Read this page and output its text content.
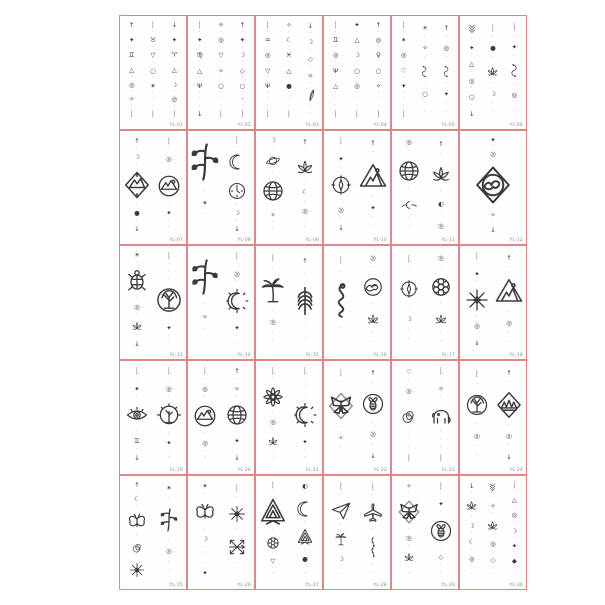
↑
·
✦
·
♊
·
△
·
◎
·
✧
·
┊
┊
·
♉
·
▽
·
○
·
✶
·
◦
·
┊
↓
·
✦
·
♈
·
△
·
☽
·
◎
·
┊
YL-01
┊
·
✦
·
♍
·
△
·
Ψ
·
◦
·
↓
☼
·
◎
·
▽
·
✧
·
○
·
◦
·
┊
↑
·
✦
·
☽
·
◇
·
○
·
•
·
┊
YL-02
┊
·
♒
·
◎
·
▽
·
Ψ
·
◦
·
┊
✧
·
☾
·
♓
·
△
·
●
·
◦
·
┊
↓
·
☽
·
◇
·
☼
·
·
◦
YL-03
┊
·
♊
·
◎
·
Ψ
·
△
·
◦
·
┊
✦
·
△
·
☽
·
○
·
◎
·
◦
·
┊
↑
·
◎
·
♀
·
○
·
✧
·
◦
·
┊
YL-04
┊
·
✶
·
◎
·
♡
·
✦
·
◦
·
┊
☀
·
✧
·
·
○
·
◦
↑
·
◎
·
·
✦
·
◦
YL-05
·
✦
·
△
·
◎
·
○
·
↓
┊
·
●
·
·
☽
·
◦
┊
·
✦
·
·
◎
·
◦
YL-06
↑
·
☽
·
·
●
·
↓
┊
·
◎
·
·
✦
·
◦
YL-07
·
✶
·
◦
┊
·
·
·
☽
·
↓
YL-08
☽
·
·
·
✧
·
◦
↑
·
·
☾
·
◎
·
◦
YL-09
┊
·
✦
·
·
◎
·
↓
↑
·
·
✦
·
◦
YL-10
◎
·
·
·
◦
↑
·
·
◐
·
◎
YL-11
✦
·
◎
·
·
✧
·
↓
YL-12
☀
·
·
◎
·
·
↓
┊
·
◦
·
·
✦
·
◦
YL-13
·
✧
·
◦
┊
·
◎
·
·
✦
·
◦
YL-14
┊
·
·
◎
·
◦
↑
·
·
◦
YL-15
┊
·
·
◦
◎
·
·
·
◦
YL-16
┊
·
·
☽
·
◦
◎
·
·
·
◦
YL-17
┊
·
✦
·
·
◎
·
↓
↑
·
·
◎
·
◦
YL-18
┊
·
✦
·
·
♊
·
↓
┊
·
◎
·
·
✦
·
◦
YL-19
┊
·
◎
·
·
◎
·
◦
↑
·
✧
·
·
✦
·
↓
YL-20
┊
·
·
◎
·
·
◦
┊
·
◦
·
·
✦
·
◦
YL-21
┊
·
·
✧
·
◦
↑
·
·
◎
·
↓
YL-22
♡
·
◎
·
·
◦
·
┊
┊
·
☼
·
·
◦
·
┊
YL-23
┊
·
·
◎
·
◦
↑
·
·
◎
·
↓
YL-24
↑
·
☾
·
·
·
✶
·
·
◎
·
◦
YL-25
✶
·
·
☽
·
◦
·
✦
┊
·
·
·
◦
YL-26
┊
·
·
·
▽
·
◦
◐
·
·
·
●
·
◦
YL-27
┊
·
·
·
☽
·
◦
┊
·
·
·
◦
YL-28
✧
·
·
◎
·
·
◦
┊
·
✦
·
·
◇
·
◦
YL-29
↓
·
·
☽
·
☾
·
◎
·
◦
·
✧
·
·
◎
·
◇
·
◦
┊
·
△
·
◎
·
☽
·
✦
·
◆
·
◦
YL-30
